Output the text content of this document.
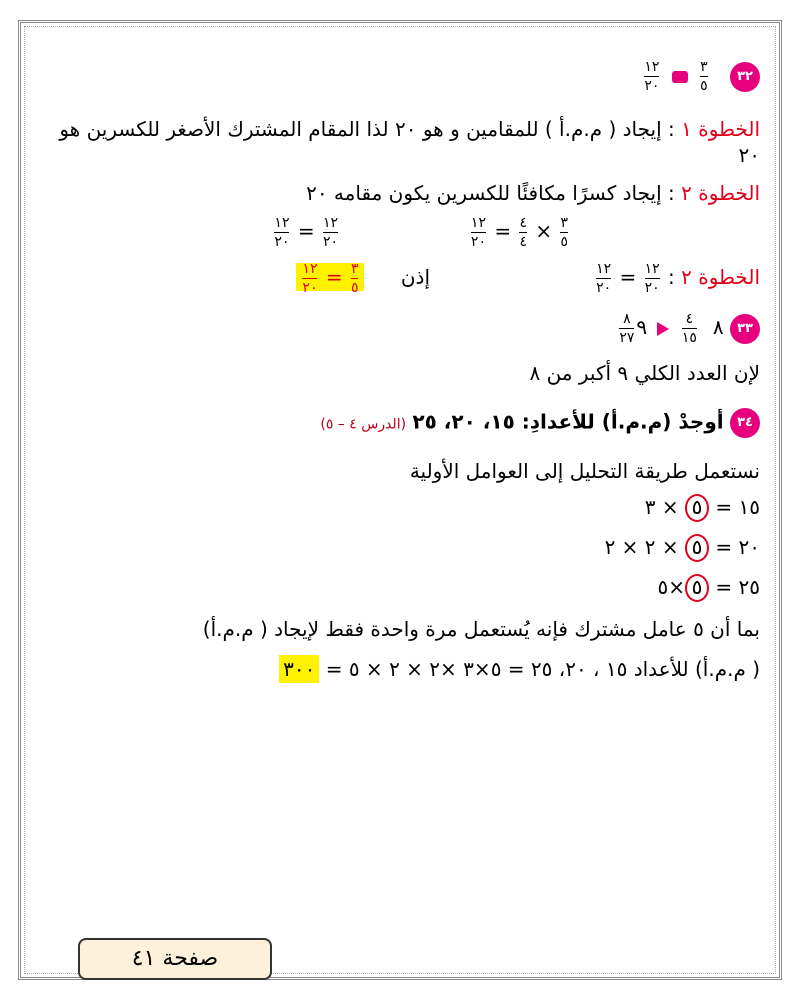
٣٢
$\frac{٣}{٥}$

$\frac{١٢}{٢٠}$
الخطوة ١ : إيجاد ( م.م.أ ) للمقامين و هو ٢٠ لذا المقام المشترك الأصغر للكسرين هو
٢٠
الخطوة ٢ : إيجاد كسرًا مكافئًا للكسرين يكون مقامه ٢٠
$\frac{٣}{٥}$
×
$\frac{٤}{٤}$
=
$\frac{١٢}{٢٠}$
$\frac{١٢}{٢٠}$
=
$\frac{١٢}{٢٠}$
الخطوة ٢ :
$\frac{١٢}{٢٠}$
=
$\frac{١٢}{٢٠}$
إذن
$\frac{٣}{٥}$
=
$\frac{١٢}{٢٠}$
٣٣ ٨
$\frac{٤}{١٥}$
٩
$\frac{٨}{٢٧}$
لإن العدد الكلي ٩ أكبر من ٨
٣٤ أوجدْ (م.م.أ) للأعدادِ: ١٥، ٢٠، ٢٥ (الدرس ٤ – ٥)
نستعمل طريقة التحليل إلى العوامل الأولية
١٥ = ٥ × ٣
٢٠ = ٥ × ٢ × ٢
٢٥ = ٥×٥
بما أن ٥ عامل مشترك فإنه يُستعمل مرة واحدة فقط لإيجاد ( م.م.أ)
( م.م.أ) للأعداد ١٥ ، ٢٠، ٢٥ = ٥×٣ ×٢ × ٢ × ٥ = ٣٠٠
صفحة ٤١
